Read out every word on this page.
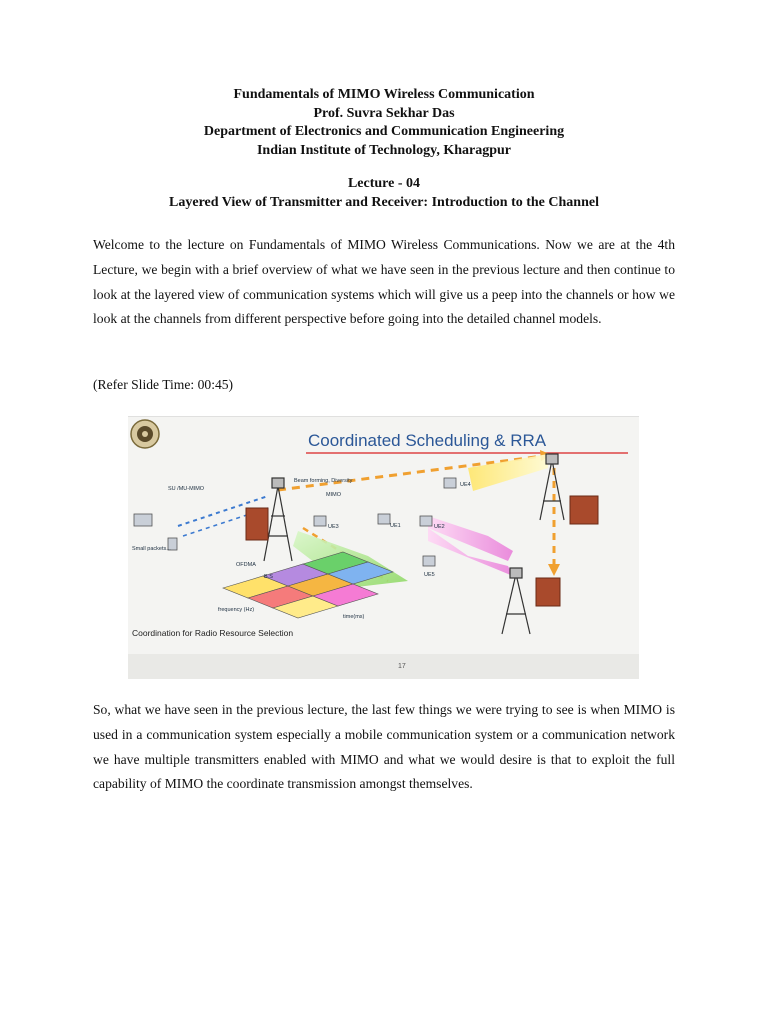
Fundamentals of MIMO Wireless Communication
Prof. Suvra Sekhar Das
Department of Electronics and Communication Engineering
Indian Institute of Technology, Kharagpur
Lecture - 04
Layered View of Transmitter and Receiver: Introduction to the Channel

Welcome to the lecture on Fundamentals of MIMO Wireless Communications. Now we are at the 4th Lecture, we begin with a brief overview of what we have seen in the previous lecture and then continue to look at the layered view of communication systems which will give us a peep into the channels or how we look at the channels from different perspective before going into the detailed channel models.

(Refer Slide Time: 00:45)
Coordinated Scheduling & RRA
SU /MU-MIMO
Beam forming, Diversity
MIMO
UE4
UE3	UE1	UE2
UE5
B.S
OFDMA
frequency (Hz)
time(ms)
Small packets...
Coordination for Radio Resource Selection
17

So, what we have seen in the previous lecture, the last few things we were trying to see is when MIMO is used in a communication system especially a mobile communication system or a communication network we have multiple transmitters enabled with MIMO and what we would desire is that to exploit the full capability of MIMO the coordinate transmission amongst themselves.
